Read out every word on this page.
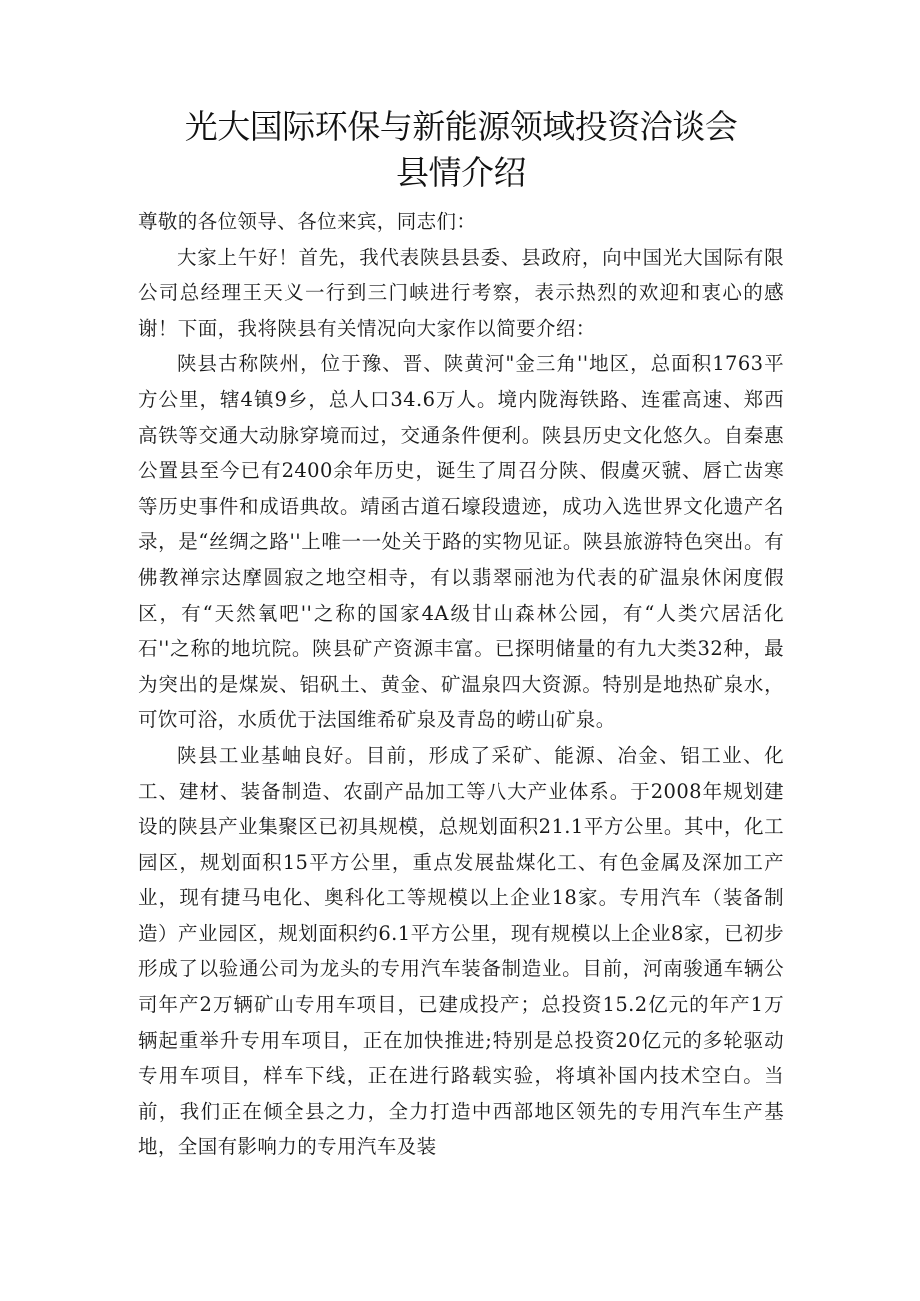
光大国际环保与新能源领域投资洽谈会
县情介绍

尊敬的各位领导、各位来宾，同志们：

大家上午好！首先，我代表陕县县委、县政府，向中国光大国际有限公司总经理王天义一行到三门峡进行考察，表示热烈的欢迎和衷心的感谢！下面，我将陕县有关情况向大家作以简要介绍：

陕县古称陕州，位于豫、晋、陕黄河"金三角''地区，总面积1763平方公里，辖4镇9乡，总人口34.6万人。境内陇海铁路、连霍高速、郑西高铁等交通大动脉穿境而过，交通条件便利。陕县历史文化悠久。自秦惠公置县至今已有2400余年历史，诞生了周召分陕、假虞灭虢、唇亡齿寒等历史事件和成语典故。靖函古道石壕段遗迹，成功入选世界文化遗产名录，是“丝绸之路''上唯一一处关于路的实物见证。陕县旅游特色突出。有佛教禅宗达摩圆寂之地空相寺，有以翡翠丽池为代表的矿温泉休闲度假区，有“天然氧吧''之称的国家4A级甘山森林公园，有“人类穴居活化石''之称的地坑院。陕县矿产资源丰富。已探明储量的有九大类32种，最为突出的是煤炭、铝矾土、黄金、矿温泉四大资源。特别是地热矿泉水，可饮可浴，水质优于法国维希矿泉及青岛的崂山矿泉。

陕县工业基岫良好。目前，形成了采矿、能源、冶金、铝工业、化工、建材、装备制造、农副产品加工等八大产业体系。于2008年规划建设的陕县产业集聚区已初具规模，总规划面积21.1平方公里。其中，化工园区，规划面积15平方公里，重点发展盐煤化工、有色金属及深加工产业，现有捷马电化、奥科化工等规模以上企业18家。专用汽车（装备制造）产业园区，规划面积约6.1平方公里，现有规模以上企业8家，已初步形成了以验通公司为龙头的专用汽车装备制造业。目前，河南骏通车辆公司年产2万辆矿山专用车项目，已建成投产；总投资15.2亿元的年产1万辆起重举升专用车项目，正在加快推进;特别是总投资20亿元的多轮驱动专用车项目，样车下线，正在进行路载实验，将填补国内技术空白。当前，我们正在倾全县之力，全力打造中西部地区领先的专用汽车生产基地，全国有影响力的专用汽车及装
